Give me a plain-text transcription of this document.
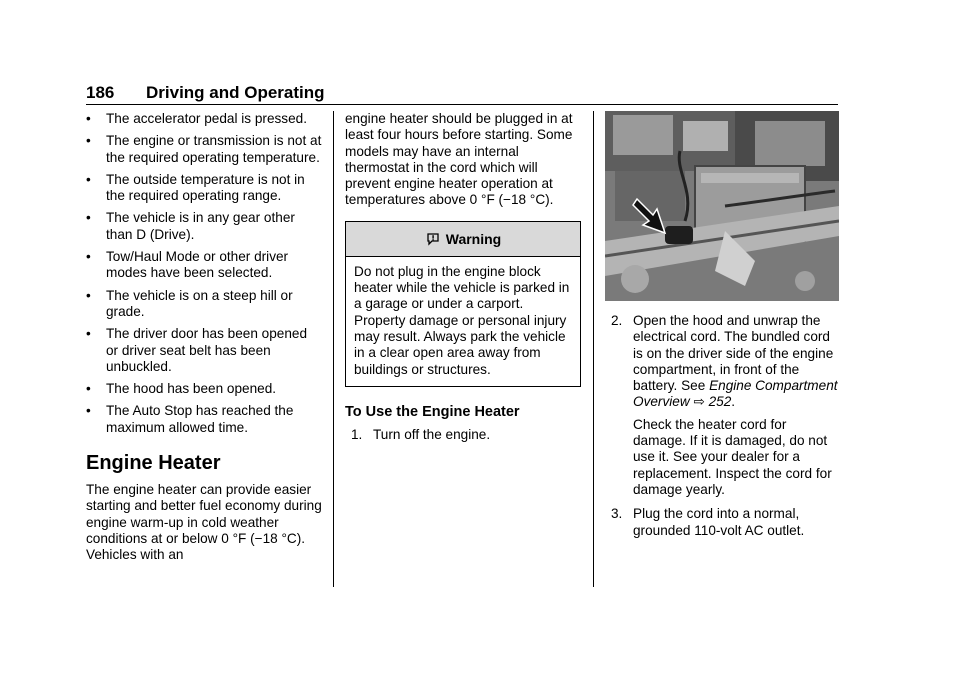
186 Driving and Operating
• The accelerator pedal is pressed.
• The engine or transmission is not at the required operating temperature.
• The outside temperature is not in the required operating range.
• The vehicle is in any gear other than D (Drive).
• Tow/Haul Mode or other driver modes have been selected.
• The vehicle is on a steep hill or grade.
• The driver door has been opened or driver seat belt has been unbuckled.
• The hood has been opened.
• The Auto Stop has reached the maximum allowed time.
Engine Heater

The engine heater can provide easier starting and better fuel economy during engine warm-up in cold weather conditions at or below 0 °F (−18 °C). Vehicles with an

engine heater should be plugged in at least four hours before starting. Some models may have an internal thermostat in the cord which will prevent engine heater operation at temperatures above 0 °F (−18 °C).

Warning
Do not plug in the engine block heater while the vehicle is parked in a garage or under a carport. Property damage or personal injury may result. Always park the vehicle in a clear open area away from buildings or structures.
To Use the Engine Heater
1. Turn off the engine.
2. Open the hood and unwrap the electrical cord. The bundled cord is on the driver side of the engine compartment, in front of the battery. See Engine Compartment Overview ⇨ 252.
Check the heater cord for damage. If it is damaged, do not use it. See your dealer for a replacement. Inspect the cord for damage yearly.
3. Plug the cord into a normal, grounded 110-volt AC outlet.
